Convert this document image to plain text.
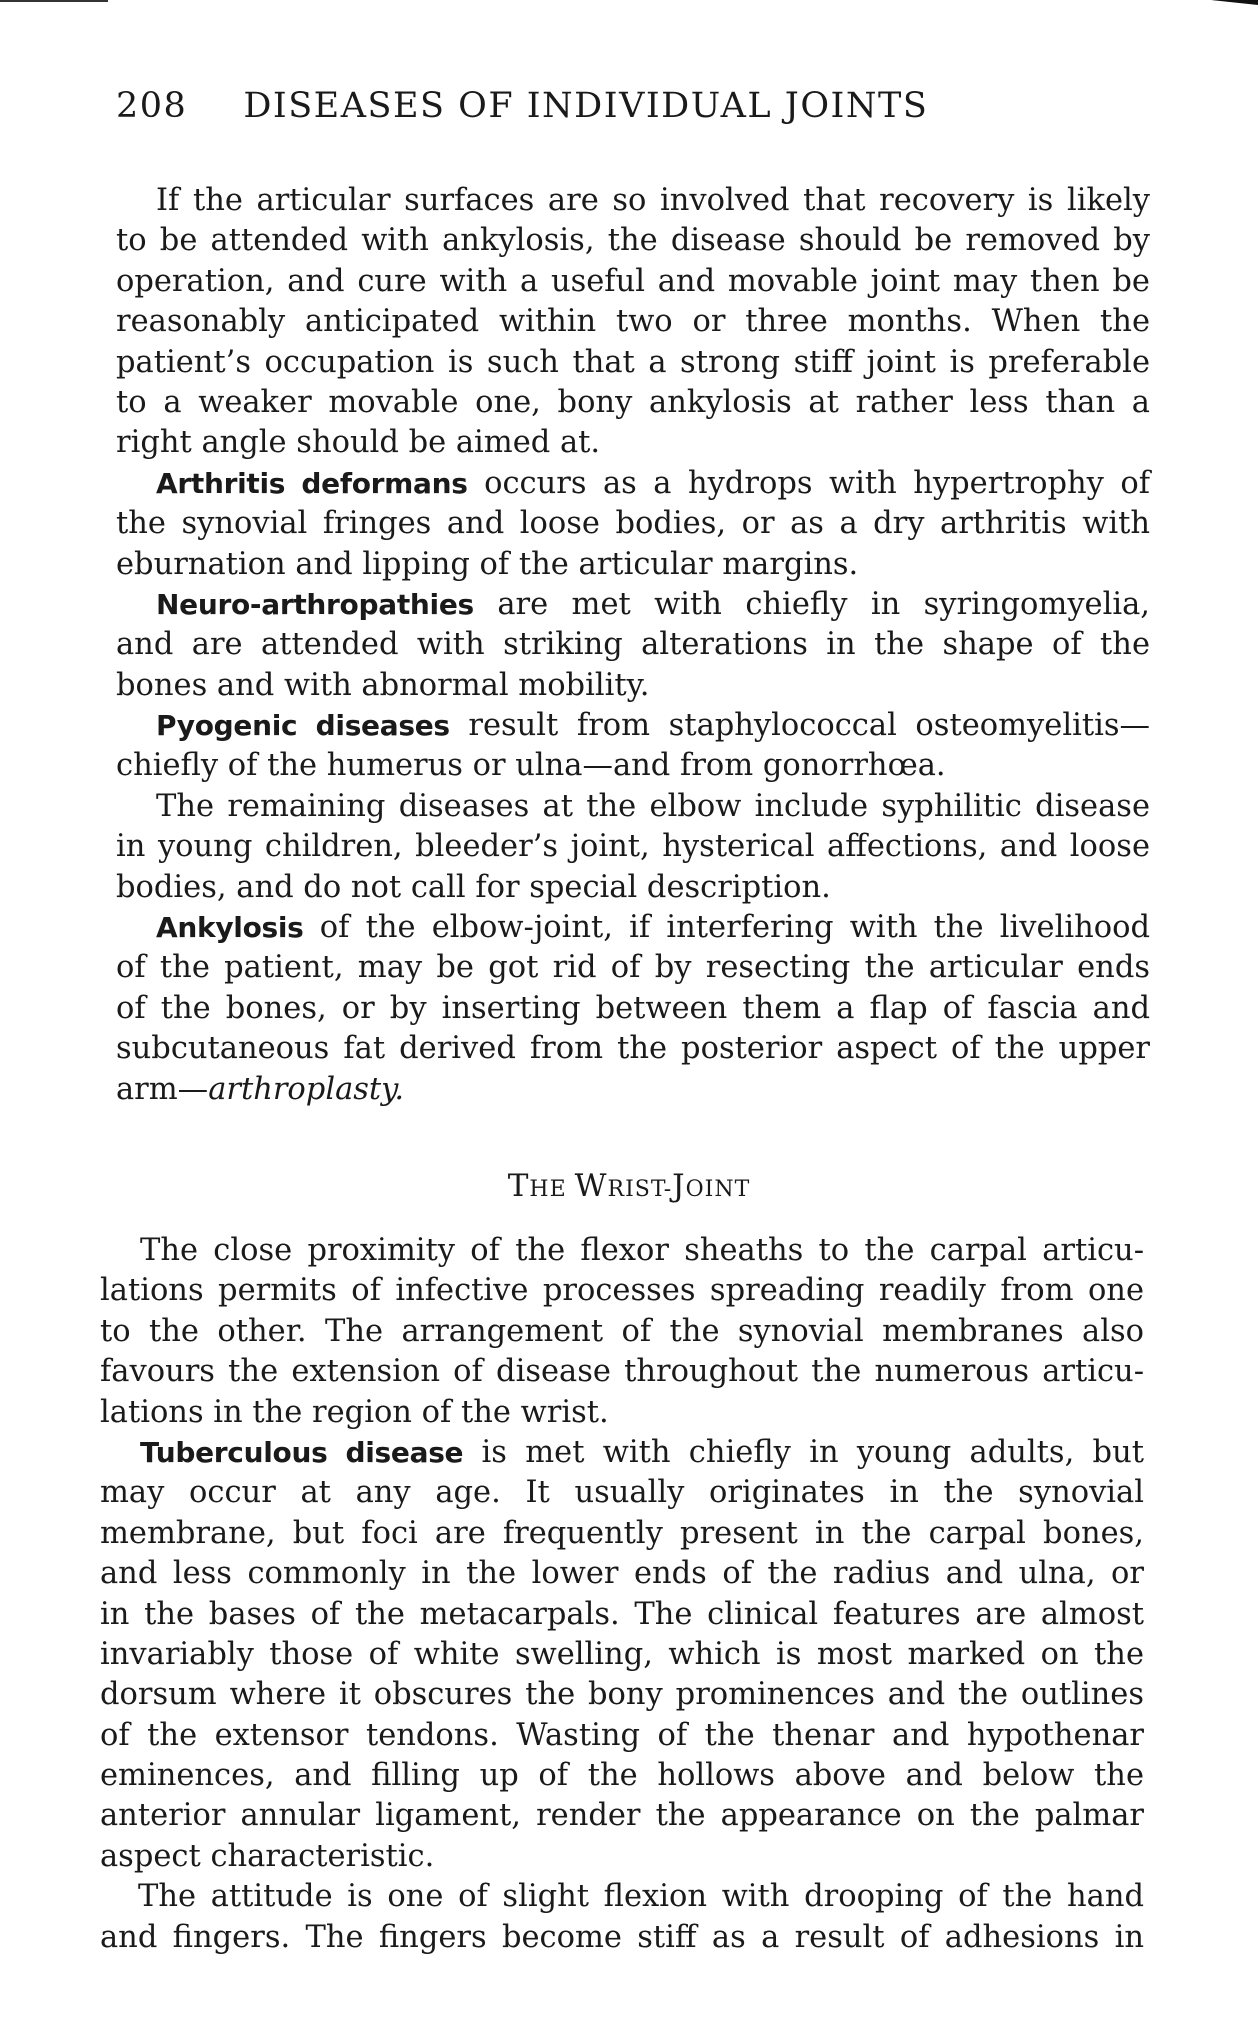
208 DISEASES OF INDIVIDUAL JOINTS
If the articular surfaces are so involved that recovery is likely
to be attended with ankylosis, the disease should be removed by
operation, and cure with a useful and movable joint may then be
reasonably anticipated within two or three months. When the
patient’s occupation is such that a strong stiff joint is preferable
to a weaker movable one, bony ankylosis at rather less than a
right angle should be aimed at.
Arthritis deformans occurs as a hydrops with hypertrophy of
the synovial fringes and loose bodies, or as a dry arthritis with
eburnation and lipping of the articular margins.
Neuro-arthropathies are met with chiefly in syringomyelia,
and are attended with striking alterations in the shape of the
bones and with abnormal mobility.
Pyogenic diseases result from staphylococcal osteomyelitis—
chiefly of the humerus or ulna—and from gonorrhœa.
The remaining diseases at the elbow include syphilitic disease
in young children, bleeder’s joint, hysterical affections, and loose
bodies, and do not call for special description.
Ankylosis of the elbow-joint, if interfering with the livelihood
of the patient, may be got rid of by resecting the articular ends
of the bones, or by inserting between them a flap of fascia and
subcutaneous fat derived from the posterior aspect of the upper
arm—arthroplasty.
THE WRIST-JOINT
The close proximity of the flexor sheaths to the carpal articu-
lations permits of infective processes spreading readily from one
to the other. The arrangement of the synovial membranes also
favours the extension of disease throughout the numerous articu-
lations in the region of the wrist.
Tuberculous disease is met with chiefly in young adults, but
may occur at any age. It usually originates in the synovial
membrane, but foci are frequently present in the carpal bones,
and less commonly in the lower ends of the radius and ulna, or
in the bases of the metacarpals. The clinical features are almost
invariably those of white swelling, which is most marked on the
dorsum where it obscures the bony prominences and the outlines
of the extensor tendons. Wasting of the thenar and hypothenar
eminences, and filling up of the hollows above and below the
anterior annular ligament, render the appearance on the palmar
aspect characteristic.
The attitude is one of slight flexion with drooping of the hand
and fingers. The fingers become stiff as a result of adhesions in
